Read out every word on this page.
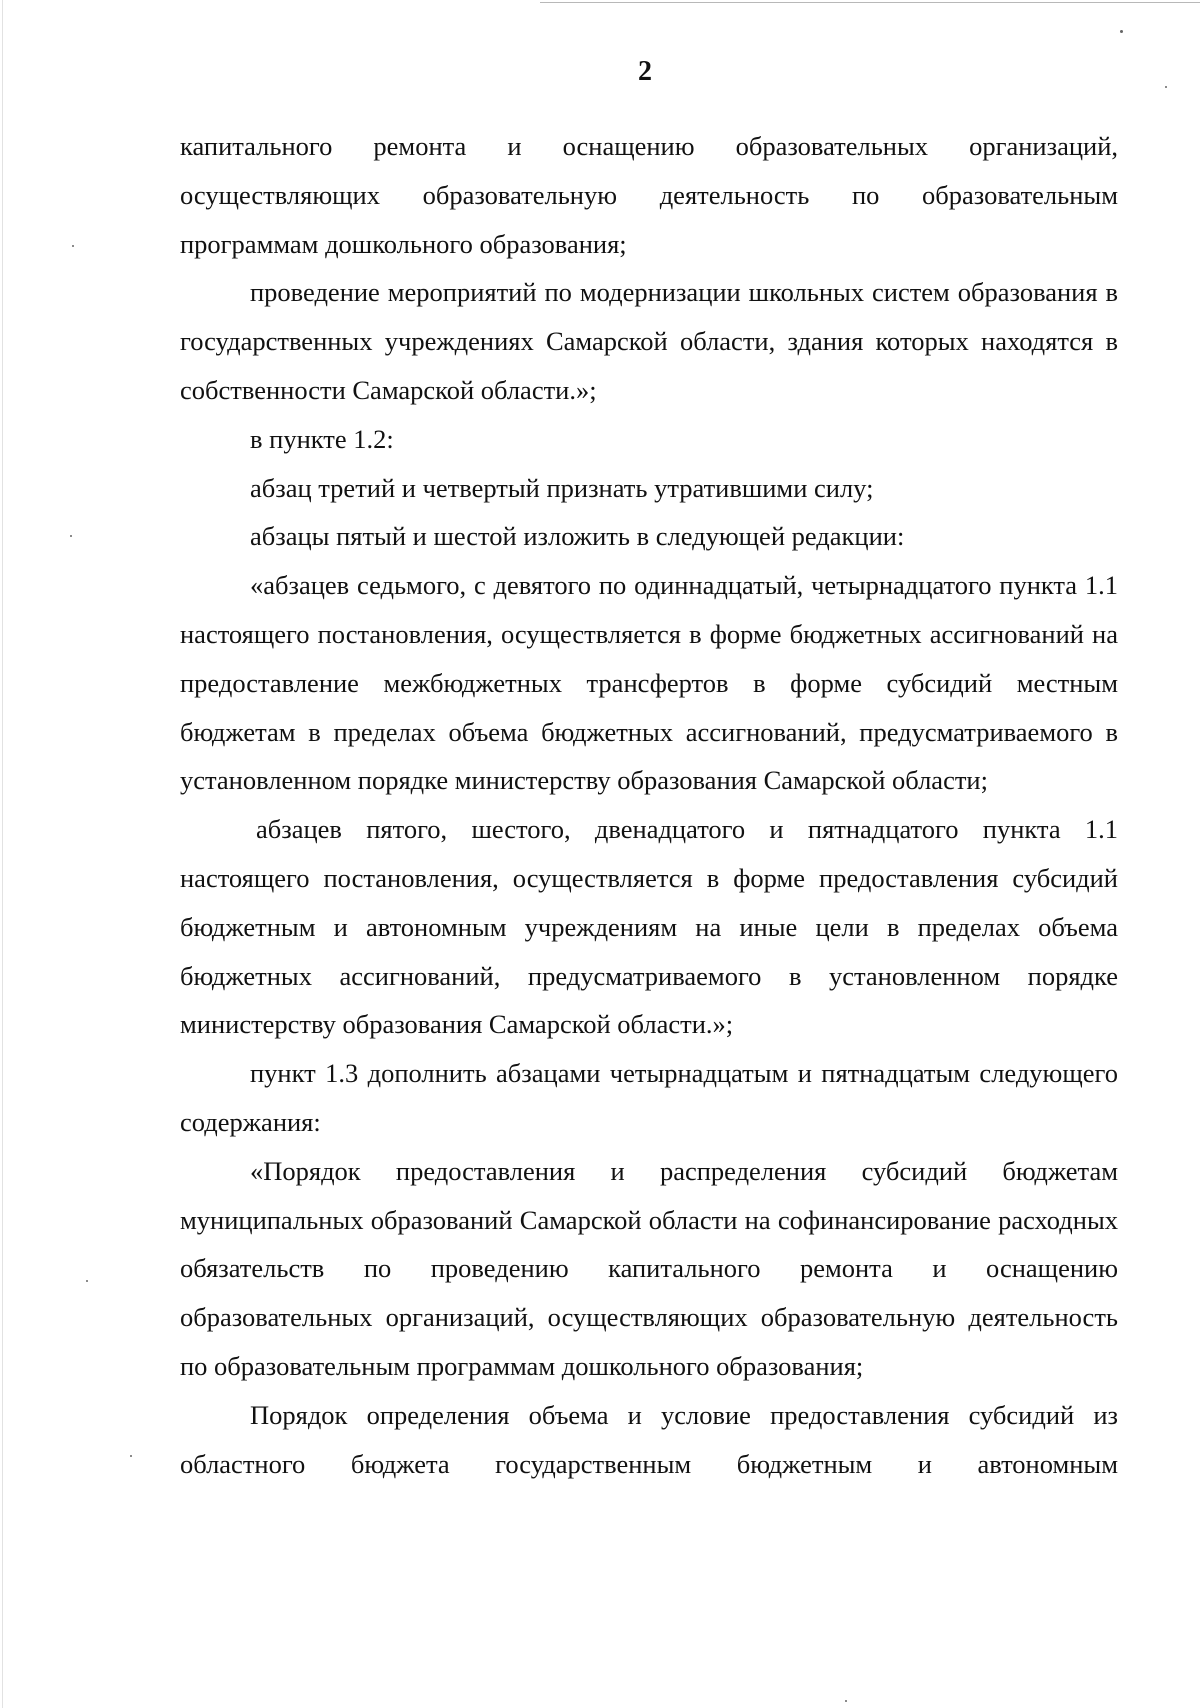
2

капитального ремонта и оснащению образовательных организаций, осуществляющих образовательную деятельность по образовательным программам дошкольного образования;

проведение мероприятий по модернизации школьных систем образования в государственных учреждениях Самарской области, здания которых находятся в собственности Самарской области.»;

в пункте 1.2:

абзац третий и четвертый признать утратившими силу;

абзацы пятый и шестой изложить в следующей редакции:

«абзацев седьмого, с девятого по одиннадцатый, четырнадцатого пункта 1.1 настоящего постановления, осуществляется в форме бюджетных ассигнований на предоставление межбюджетных трансфертов в форме субсидий местным бюджетам в пределах объема бюджетных ассигнований, предусматриваемого в установленном порядке министерству образования Самарской области;

абзацев пятого, шестого, двенадцатого и пятнадцатого пункта 1.1 настоящего постановления, осуществляется в форме предоставления субсидий бюджетным и автономным учреждениям на иные цели в пределах объема бюджетных ассигнований, предусматриваемого в установленном порядке министерству образования Самарской области.»;

пункт 1.3 дополнить абзацами четырнадцатым и пятнадцатым следующего содержания:

«Порядок предоставления и распределения субсидий бюджетам муниципальных образований Самарской области на софинансирование расходных обязательств по проведению капитального ремонта и оснащению образовательных организаций, осуществляющих образовательную деятельность по образовательным программам дошкольного образования;

Порядок определения объема и условие предоставления субсидий из областного бюджета государственным бюджетным и автономным
